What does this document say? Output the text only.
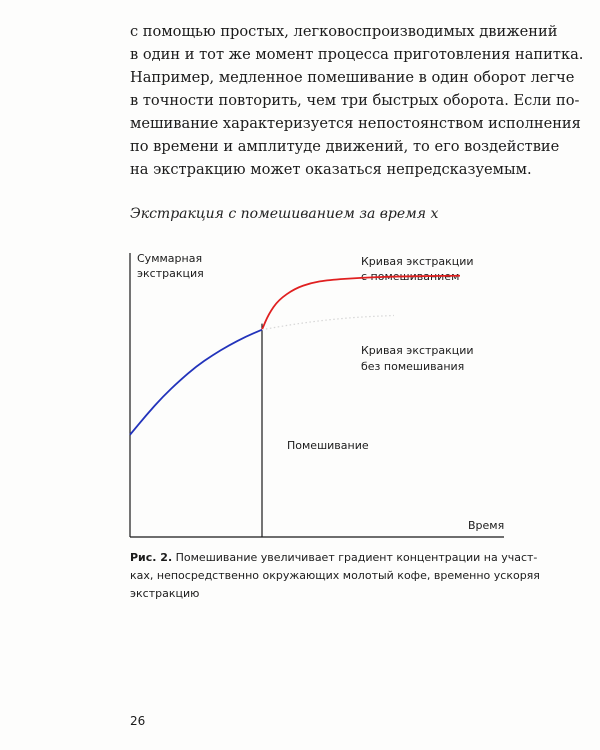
с помощью простых, легковоспроизводимых движений
в один и тот же момент процесса приготовления напитка.
Например, медленное помешивание в один оборот легче
в точности повторить, чем три быстрых оборота. Если по-
мешивание характеризуется непостоянством исполнения
по времени и амплитуде движений, то его воздействие
на экстракцию может оказаться непредсказуемым.
Экстракция с помешиванием за время x
Суммарная
экстракция
Время
Помешивание
Кривая экстракции
с помешиванием
Кривая экстракции
без помешивания
Рис. 2. Помешивание увеличивает градиент концентрации на участ-
ках, непосредственно окружающих молотый кофе, временно ускоряя
экстракцию
26
